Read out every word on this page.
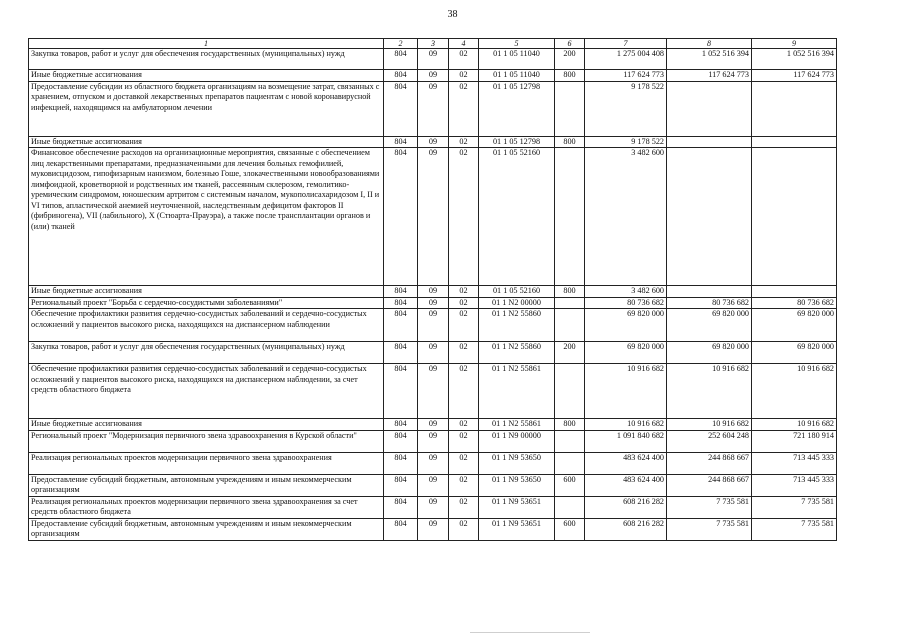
38
1	2	3	4	5	6	7	8	9
Закупка товаров, работ и услуг для обеспечения государственных (муниципальных) нужд	804	09	02	01 1 05 11040	200	1 275 004 408	1 052 516 394	1 052 516 394
Иные бюджетные ассигнования	804	09	02	01 1 05 11040	800	117 624 773	117 624 773	117 624 773
Предоставление субсидии из областного бюджета организациям на возмещение затрат, связанных с хранением, отпуском и доставкой лекарственных препаратов пациентам с новой коронавирусной инфекцией, находящимся на амбулаторном лечении	804	09	02	01 1 05 12798		9 178 522		
Иные бюджетные ассигнования	804	09	02	01 1 05 12798	800	9 178 522		
Финансовое обеспечение расходов на организационные мероприятия, связанные с обеспечением лиц лекарственными препаратами, предназначенными для лечения больных гемофилией, муковисцидозом, гипофизарным нанизмом, болезнью Гоше, злокачественными новообразованиями лимфоидной, кроветворной и родственных им тканей, рассеянным склерозом, гемолитико-уремическим синдромом, юношеским артритом с системным началом, мукополисахаридозом I, II и VI типов, апластической анемией неуточненной, наследственным дефицитом факторов II (фибриногена), VII (лабильного), X (Стюарта-Прауэра), а также после трансплантации органов и (или) тканей	804	09	02	01 1 05 52160		3 482 600		
Иные бюджетные ассигнования	804	09	02	01 1 05 52160	800	3 482 600		
Региональный проект "Борьба с сердечно-сосудистыми заболеваниями"	804	09	02	01 1 N2 00000		80 736 682	80 736 682	80 736 682
Обеспечение профилактики развития сердечно-сосудистых заболеваний и сердечно-сосудистых осложнений у пациентов высокого риска, находящихся на диспансерном наблюдении	804	09	02	01 1 N2 55860		69 820 000	69 820 000	69 820 000
Закупка товаров, работ и услуг для обеспечения государственных (муниципальных) нужд	804	09	02	01 1 N2 55860	200	69 820 000	69 820 000	69 820 000
Обеспечение профилактики развития сердечно-сосудистых заболеваний и сердечно-сосудистых осложнений у пациентов высокого риска, находящихся на диспансерном наблюдении, за счет средств областного бюджета	804	09	02	01 1 N2 55861		10 916 682	10 916 682	10 916 682
Иные бюджетные ассигнования	804	09	02	01 1 N2 55861	800	10 916 682	10 916 682	10 916 682
Региональный проект "Модернизация первичного звена здравоохранения в Курской области"	804	09	02	01 1 N9 00000		1 091 840 682	252 604 248	721 180 914
Реализация региональных проектов модернизации первичного звена здравоохранения	804	09	02	01 1 N9 53650		483 624 400	244 868 667	713 445 333
Предоставление субсидий бюджетным, автономным учреждениям и иным некоммерческим организациям	804	09	02	01 1 N9 53650	600	483 624 400	244 868 667	713 445 333
Реализация региональных проектов модернизации первичного звена здравоохранения за счет средств областного бюджета	804	09	02	01 1 N9 53651		608 216 282	7 735 581	7 735 581
Предоставление субсидий бюджетным, автономным учреждениям и иным некоммерческим организациям	804	09	02	01 1 N9 53651	600	608 216 282	7 735 581	7 735 581
